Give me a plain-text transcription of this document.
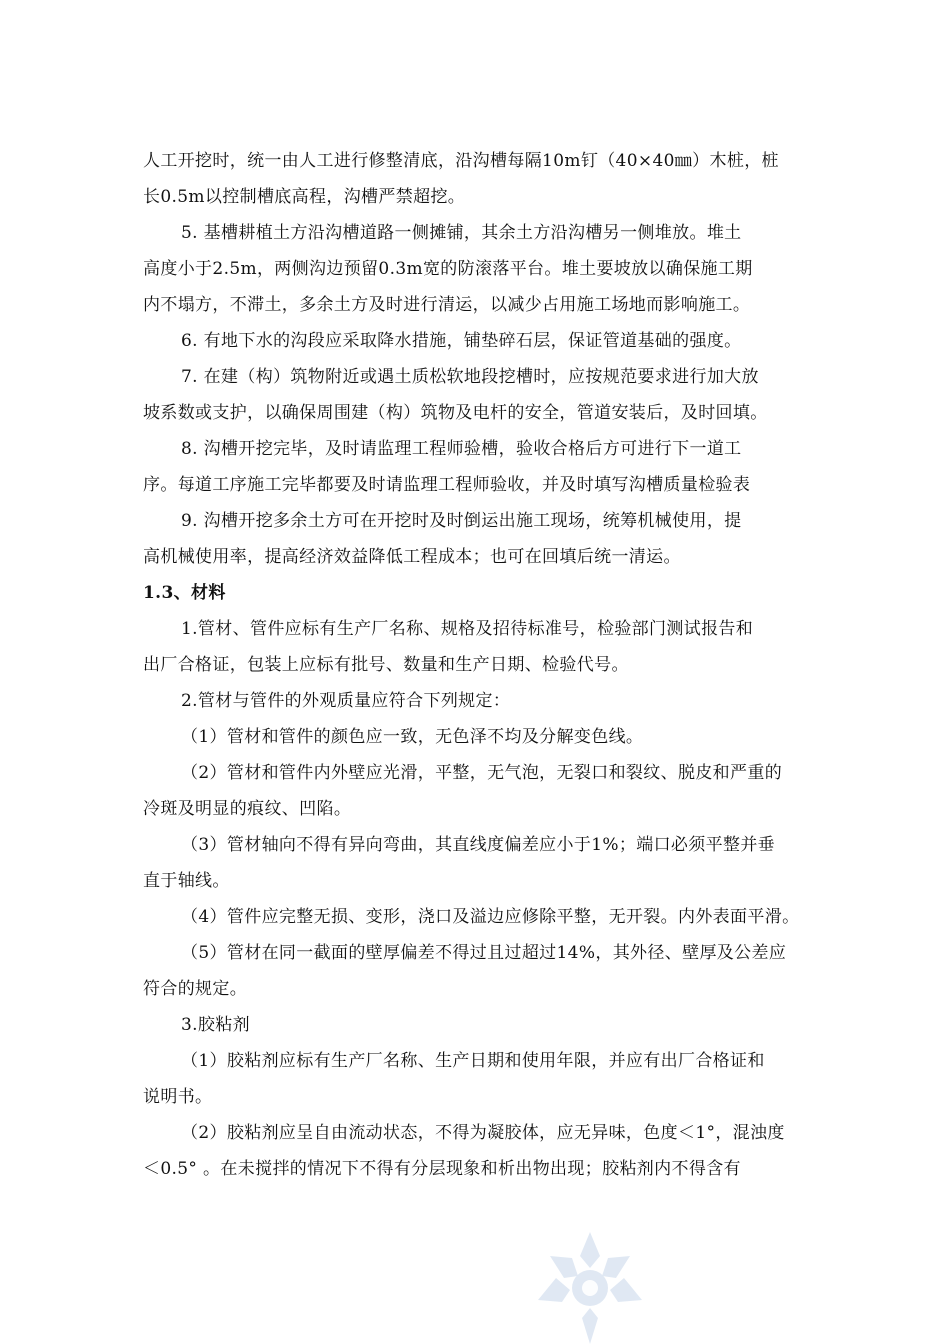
人工开挖时，统一由人工进行修整清底，沿沟槽每隔10m钉（40×40㎜）木桩，桩
长0.5m以控制槽底高程，沟槽严禁超挖。
5. 基槽耕植土方沿沟槽道路一侧摊铺，其余土方沿沟槽另一侧堆放。堆土
高度小于2.5m，两侧沟边预留0.3m宽的防滚落平台。堆土要坡放以确保施工期
内不塌方，不滞土，多余土方及时进行清运，以减少占用施工场地而影响施工。
6. 有地下水的沟段应采取降水措施，铺垫碎石层，保证管道基础的强度。
7. 在建（构）筑物附近或遇土质松软地段挖槽时，应按规范要求进行加大放
坡系数或支护，以确保周围建（构）筑物及电杆的安全，管道安装后，及时回填。
8. 沟槽开挖完毕，及时请监理工程师验槽，验收合格后方可进行下一道工
序。每道工序施工完毕都要及时请监理工程师验收，并及时填写沟槽质量检验表
9. 沟槽开挖多余土方可在开挖时及时倒运出施工现场，统筹机械使用，提
高机械使用率，提高经济效益降低工程成本；也可在回填后统一清运。
1.3、材料
1.管材、管件应标有生产厂名称、规格及招待标准号，检验部门测试报告和
出厂合格证，包装上应标有批号、数量和生产日期、检验代号。
2.管材与管件的外观质量应符合下列规定：
（1）管材和管件的颜色应一致，无色泽不均及分解变色线。
（2）管材和管件内外壁应光滑，平整，无气泡，无裂口和裂纹、脱皮和严重的
冷斑及明显的痕纹、凹陷。
（3）管材轴向不得有异向弯曲，其直线度偏差应小于1%；端口必须平整并垂
直于轴线。
（4）管件应完整无损、变形，浇口及溢边应修除平整，无开裂。内外表面平滑。
（5）管材在同一截面的壁厚偏差不得过且过超过14%，其外径、壁厚及公差应
符合的规定。
3.胶粘剂
（1）胶粘剂应标有生产厂名称、生产日期和使用年限，并应有出厂合格证和
说明书。
（2）胶粘剂应呈自由流动状态，不得为凝胶体，应无异味，色度＜1°，混浊度
＜0.5° 。在未搅拌的情况下不得有分层现象和析出物出现；胶粘剂内不得含有
